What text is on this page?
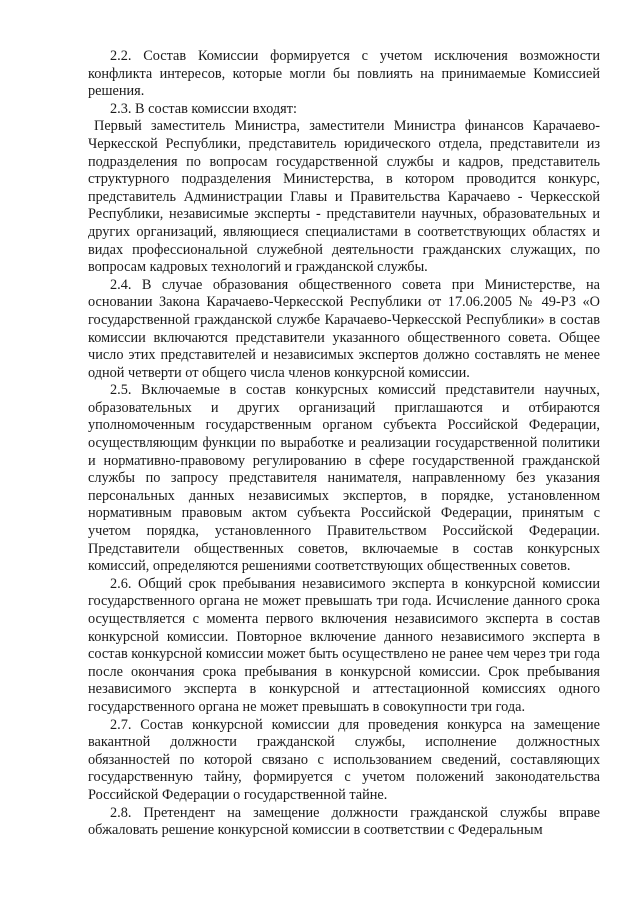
2.2. Состав Комиссии формируется с учетом исключения возможности конфликта интересов, которые могли бы повлиять на принимаемые Комиссией решения.

2.3. В состав комиссии входят:

Первый заместитель Министра, заместители Министра финансов Карачаево-Черкесской Республики, представитель юридического отдела, представители из подразделения по вопросам государственной службы и кадров, представитель структурного подразделения Министерства, в котором проводится конкурс, представитель Администрации Главы и Правительства Карачаево - Черкесской Республики, независимые эксперты - представители научных, образовательных и других организаций, являющиеся специалистами в соответствующих областях и видах профессиональной служебной деятельности гражданских служащих, по вопросам кадровых технологий и гражданской службы.

2.4. В случае образования общественного совета при Министерстве, на основании Закона Карачаево-Черкесской Республики от 17.06.2005 № 49-РЗ «О государственной гражданской службе Карачаево-Черкесской Республики» в состав комиссии включаются представители указанного общественного совета. Общее число этих представителей и независимых экспертов должно составлять не менее одной четверти от общего числа членов конкурсной комиссии.

2.5. Включаемые в состав конкурсных комиссий представители научных, образовательных и других организаций приглашаются и отбираются уполномоченным государственным органом субъекта Российской Федерации, осуществляющим функции по выработке и реализации государственной политики и нормативно-правовому регулированию в сфере государственной гражданской службы по запросу представителя нанимателя, направленному без указания персональных данных независимых экспертов, в порядке, установленном нормативным правовым актом субъекта Российской Федерации, принятым с учетом порядка, установленного Правительством Российской Федерации. Представители общественных советов, включаемые в состав конкурсных комиссий, определяются решениями соответствующих общественных советов.

2.6. Общий срок пребывания независимого эксперта в конкурсной комиссии государственного органа не может превышать три года. Исчисление данного срока осуществляется с момента первого включения независимого эксперта в состав конкурсной комиссии. Повторное включение данного независимого эксперта в состав конкурсной комиссии может быть осуществлено не ранее чем через три года после окончания срока пребывания в конкурсной комиссии. Срок пребывания независимого эксперта в конкурсной и аттестационной комиссиях одного государственного органа не может превышать в совокупности три года.

2.7. Состав конкурсной комиссии для проведения конкурса на замещение вакантной должности гражданской службы, исполнение должностных обязанностей по которой связано с использованием сведений, составляющих государственную тайну, формируется с учетом положений законодательства Российской Федерации о государственной тайне.

2.8. Претендент на замещение должности гражданской службы вправе обжаловать решение конкурсной комиссии в соответствии с Федеральным
